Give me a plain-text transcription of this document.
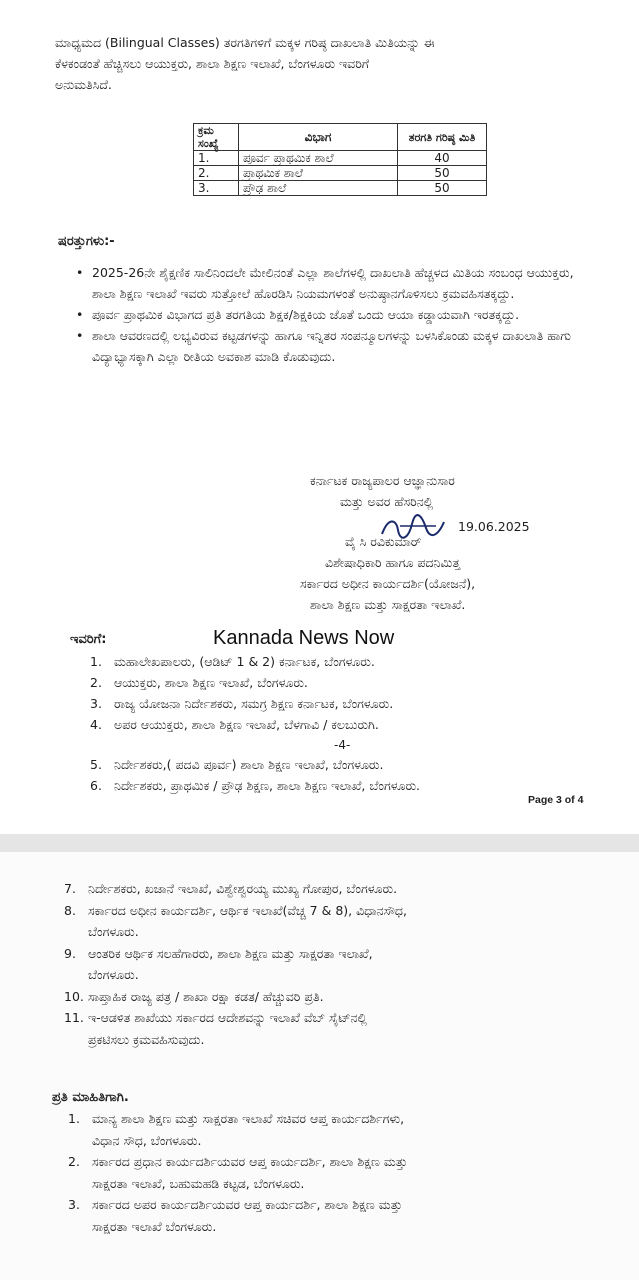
ಮಾಧ್ಯಮದ (Bilingual Classes) ತರಗತಿಗಳಿಗೆ ಮಕ್ಕಳ ಗರಿಷ್ಠ ದಾಖಲಾತಿ ಮಿತಿಯನ್ನು ಈ

ಕೆಳಕಂಡಂತೆ ಹೆಚ್ಚಿಸಲು ಆಯುಕ್ತರು, ಶಾಲಾ ಶಿಕ್ಷಣ ಇಲಾಖೆ, ಬೆಂಗಳೂರು ಇವರಿಗೆ

ಅನುಮತಿಸಿದೆ.

ಕ್ರಮ ಸಂಖ್ಯೆ	ವಿಭಾಗ	ತರಗತಿ ಗರಿಷ್ಠ ಮಿತಿ
1.	ಪೂರ್ವ ಪ್ರಾಥಮಿಕ ಶಾಲೆ	40
2.	ಪ್ರಾಥಮಿಕ ಶಾಲೆ	50
3.	ಪ್ರೌಢ ಶಾಲೆ	50
ಷರತ್ತುಗಳು:-
• 2025-26ನೇ ಶೈಕ್ಷಣಿಕ ಸಾಲಿನಿಂದಲೇ ಮೇಲಿನಂತೆ ಎಲ್ಲಾ ಶಾಲೆಗಳಲ್ಲಿ ದಾಖಲಾತಿ ಹೆಚ್ಚಳದ ಮಿತಿಯ ಸಂಬಂಧ ಆಯುಕ್ತರು, ಶಾಲಾ ಶಿಕ್ಷಣ ಇಲಾಖೆ ಇವರು ಸುತ್ತೋಲೆ ಹೊರಡಿಸಿ ನಿಯಮಗಳಂತೆ ಅನುಷ್ಠಾನಗೊಳಿಸಲು ಕ್ರಮವಹಿಸತಕ್ಕದ್ದು.
• ಪೂರ್ವ ಪ್ರಾಥಮಿಕ ವಿಭಾಗದ ಪ್ರತಿ ತರಗತಿಯ ಶಿಕ್ಷಕ/ಶಿಕ್ಷಕಿಯ ಜೊತೆ ಒಂದು ಆಯಾ ಕಡ್ಡಾಯವಾಗಿ ಇರತಕ್ಕದ್ದು.
• ಶಾಲಾ ಆವರಣದಲ್ಲಿ ಲಭ್ಯವಿರುವ ಕಟ್ಟಡಗಳನ್ನು ಹಾಗೂ ಇನ್ನಿತರ ಸಂಪನ್ಮೂಲಗಳನ್ನು ಬಳಸಿಕೊಂಡು ಮಕ್ಕಳ ದಾಖಲಾತಿ ಹಾಗು ವಿದ್ಯಾಭ್ಯಾಸಕ್ಕಾಗಿ ಎಲ್ಲಾ ರೀತಿಯ ಅವಕಾಶ ಮಾಡಿ ಕೊಡುವುದು.

ಕರ್ನಾಟಕ ರಾಜ್ಯಪಾಲರ ಆಜ್ಞಾನುಸಾರ

ಮತ್ತು ಅವರ ಹೆಸರಿನಲ್ಲಿ

19.06.2025

ವೈ ಸಿ ರವಿಕುಮಾರ್

ವಿಶೇಷಾಧಿಕಾರಿ ಹಾಗೂ ಪದನಿಮಿತ್ತ

ಸರ್ಕಾರದ ಅಧೀನ ಕಾರ್ಯದರ್ಶಿ(ಯೋಜನೆ),

ಶಾಲಾ ಶಿಕ್ಷಣ ಮತ್ತು ಸಾಕ್ಷರತಾ ಇಲಾಖೆ.

ಇವರಿಗೆ:	Kannada News Now
1. ಮಹಾಲೇಖಪಾಲರು, (ಆಡಿಟ್ 1 & 2) ಕರ್ನಾಟಕ, ಬೆಂಗಳೂರು.
2. ಆಯುಕ್ತರು, ಶಾಲಾ ಶಿಕ್ಷಣ ಇಲಾಖೆ, ಬೆಂಗಳೂರು.
3. ರಾಜ್ಯ ಯೋಜನಾ ನಿರ್ದೇಶಕರು, ಸಮಗ್ರ ಶಿಕ್ಷಣ ಕರ್ನಾಟಕ, ಬೆಂಗಳೂರು.
4. ಅಪರ ಆಯುಕ್ತರು, ಶಾಲಾ ಶಿಕ್ಷಣ ಇಲಾಖೆ, ಬೆಳಗಾವಿ / ಕಲಬುರುಗಿ.
-4-
5. ನಿರ್ದೇಶಕರು,( ಪದವಿ ಪೂರ್ವ) ಶಾಲಾ ಶಿಕ್ಷಣ ಇಲಾಖೆ, ಬೆಂಗಳೂರು.
6. ನಿರ್ದೇಶಕರು, ಪ್ರಾಥಮಿಕ / ಪ್ರೌಢ ಶಿಕ್ಷಣ, ಶಾಲಾ ಶಿಕ್ಷಣ ಇಲಾಖೆ, ಬೆಂಗಳೂರು.
Page 3 of 4
7. ನಿರ್ದೇಶಕರು, ಖಜಾನೆ ಇಲಾಖೆ, ವಿಶ್ವೇಶ್ವರಯ್ಯ ಮುಖ್ಯ ಗೋಪುರ, ಬೆಂಗಳೂರು.
8. ಸರ್ಕಾರದ ಅಧೀನ ಕಾರ್ಯದರ್ಶಿ, ಆರ್ಥಿಕ ಇಲಾಖೆ(ವೆಚ್ಚ 7 & 8), ವಿಧಾನಸೌಧ,
ಬೆಂಗಳೂರು.
9. ಆಂತರಿಕ ಆರ್ಥಿಕ ಸಲಹೆಗಾರರು, ಶಾಲಾ ಶಿಕ್ಷಣ ಮತ್ತು ಸಾಕ್ಷರತಾ ಇಲಾಖೆ,
ಬೆಂಗಳೂರು.
10. ಸಾಪ್ತಾಹಿಕ ರಾಜ್ಯ ಪತ್ರ / ಶಾಖಾ ರಕ್ಷಾ ಕಡತ/ ಹೆಚ್ಚುವರಿ ಪ್ರತಿ.
11. ಇ-ಆಡಳಿತ ಶಾಖೆಯು ಸರ್ಕಾರದ ಆದೇಶವನ್ನು ಇಲಾಖೆ ವೆಬ್ ಸೈಟ್‌ನಲ್ಲಿ
ಪ್ರಕಟಿಸಲು ಕ್ರಮವಹಿಸುವುದು.
ಪ್ರತಿ ಮಾಹಿತಿಗಾಗಿ.
1. ಮಾನ್ಯ ಶಾಲಾ ಶಿಕ್ಷಣ ಮತ್ತು ಸಾಕ್ಷರತಾ ಇಲಾಖೆ ಸಚಿವರ ಆಪ್ತ ಕಾರ್ಯದರ್ಶಿಗಳು,
ವಿಧಾನ ಸೌಧ, ಬೆಂಗಳೂರು.
2. ಸರ್ಕಾರದ ಪ್ರಧಾನ ಕಾರ್ಯದರ್ಶಿಯವರ ಆಪ್ತ ಕಾರ್ಯದರ್ಶಿ, ಶಾಲಾ ಶಿಕ್ಷಣ ಮತ್ತು
ಸಾಕ್ಷರತಾ ಇಲಾಖೆ, ಬಹುಮಹಡಿ ಕಟ್ಟಡ, ಬೆಂಗಳೂರು.
3. ಸರ್ಕಾರದ ಅಪರ ಕಾರ್ಯದರ್ಶಿಯವರ ಆಪ್ತ ಕಾರ್ಯದರ್ಶಿ, ಶಾಲಾ ಶಿಕ್ಷಣ ಮತ್ತು
ಸಾಕ್ಷರತಾ ಇಲಾಖೆ ಬೆಂಗಳೂರು.
